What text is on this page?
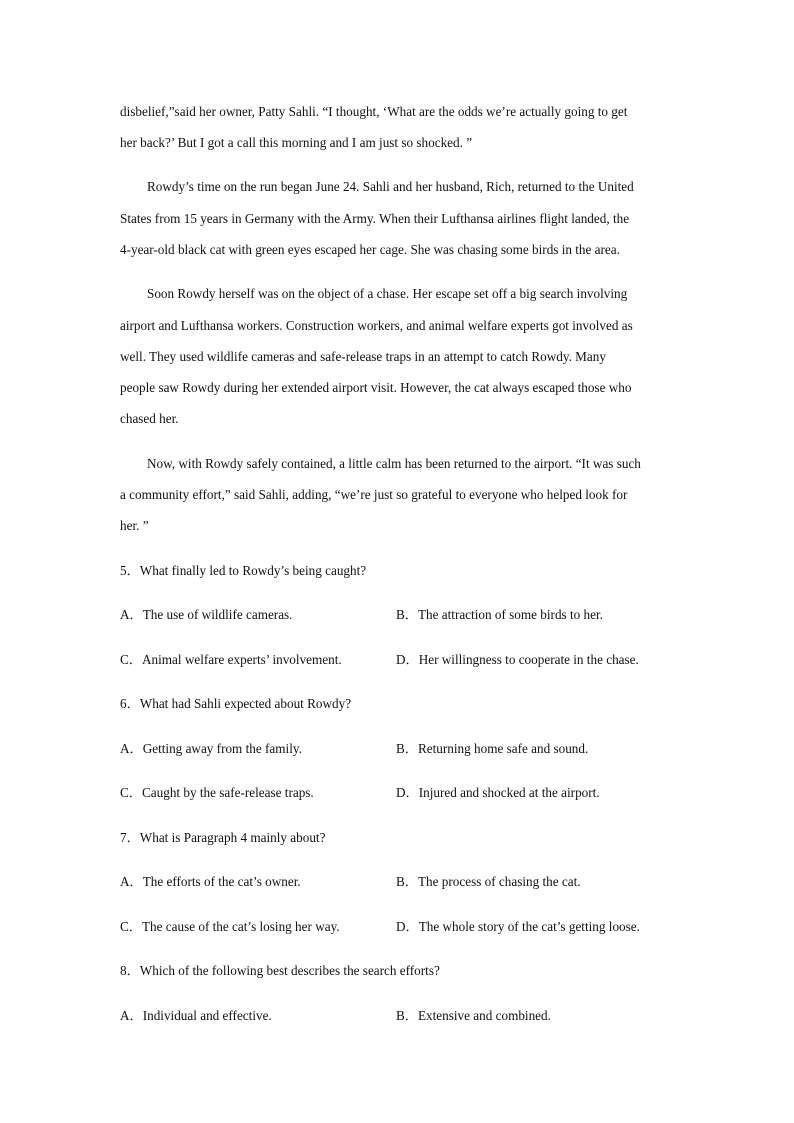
disbelief,”said her owner, Patty Sahli. “I thought, ‘What are the odds we’re actually going to get
her back?’ But I got a call this morning and I am just so shocked. ”
Rowdy’s time on the run began June 24. Sahli and her husband, Rich, returned to the United
States from 15 years in Germany with the Army. When their Lufthansa airlines flight landed, the
4-year-old black cat with green eyes escaped her cage. She was chasing some birds in the area.
Soon Rowdy herself was on the object of a chase. Her escape set off a big search involving
airport and Lufthansa workers. Construction workers, and animal welfare experts got involved as
well. They used wildlife cameras and safe-release traps in an attempt to catch Rowdy. Many
people saw Rowdy during her extended airport visit. However, the cat always escaped those who
chased her.
Now, with Rowdy safely contained, a little calm has been returned to the airport. “It was such
a community effort,” said Sahli, adding, “we’re just so grateful to everyone who helped look for
her. ”
5．What finally led to Rowdy’s being caught?
A．The use of wildlife cameras.	B．The attraction of some birds to her.
C．Animal welfare experts’ involvement.	D．Her willingness to cooperate in the chase.
6．What had Sahli expected about Rowdy?
A．Getting away from the family.	B．Returning home safe and sound.
C．Caught by the safe-release traps.	D．Injured and shocked at the airport.
7．What is Paragraph 4 mainly about?
A．The efforts of the cat’s owner.	B．The process of chasing the cat.
C．The cause of the cat’s losing her way.	D．The whole story of the cat’s getting loose.
8．Which of the following best describes the search efforts?
A．Individual and effective.	B．Extensive and combined.
